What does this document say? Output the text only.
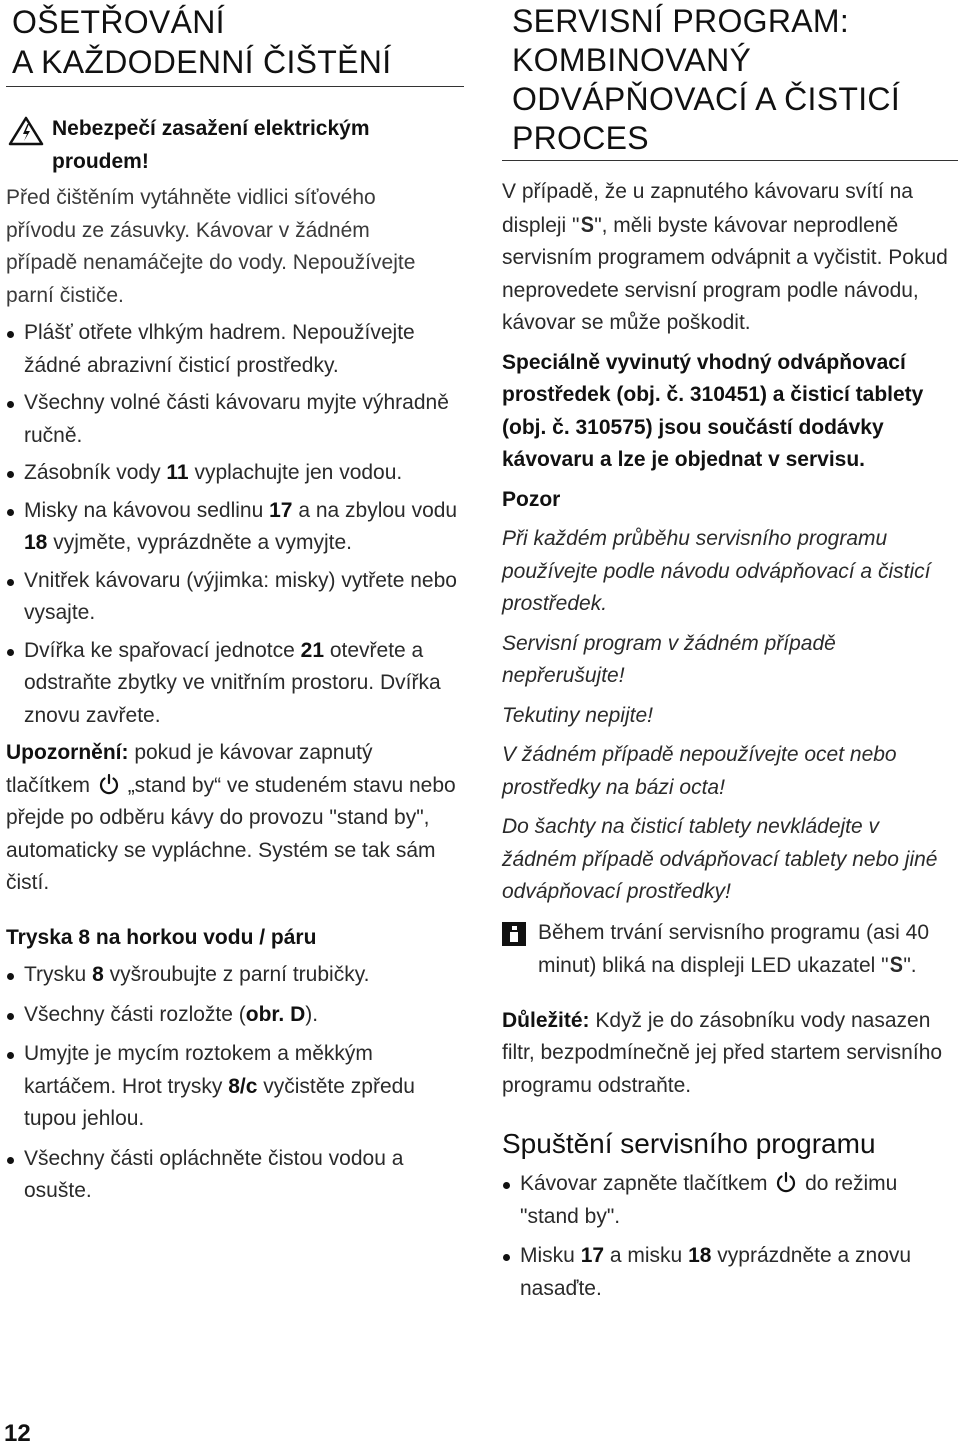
OŠETŘOVÁNÍ
A KAŽDODENNÍ ČIŠTĚNÍ
Nebezpečí zasažení elektrickým proudem!
Před čištěním vytáhněte vidlici síťového přívodu ze zásuvky. Kávovar v žádném případě nenamáčejte do vody. Nepoužívejte parní čističe.
Plášť otřete vlhkým hadrem. Nepoužívejte žádné abrazivní čisticí prostředky.
Všechny volné části kávovaru myjte výhradně ručně.
Zásobník vody 11 vyplachujte jen vodou.
Misky na kávovou sedlinu 17 a na zbylou vodu 18 vyjměte, vyprázdněte a vymyjte.
Vnitřek kávovaru (výjimka: misky) vytřete nebo vysajte.
Dvířka ke spařovací jednotce 21 otevřete a odstraňte zbytky ve vnitřním prostoru. Dvířka znovu zavřete.
Upozornění: pokud je kávovar zapnutý tlačítkem  „stand by“ ve studeném stavu nebo přejde po odběru kávy do provozu "stand by", automaticky se vypláchne. Systém se tak sám čistí.
Tryska 8 na horkou vodu / páru
Trysku 8 vyšroubujte z parní trubičky.
Všechny části rozložte (obr. D).
Umyjte je mycím roztokem a měkkým kartáčem. Hrot trysky 8/c vyčistěte zpředu tupou jehlou.
Všechny části opláchněte čistou vodou a osušte.
SERVISNÍ PROGRAM:
KOMBINOVANÝ
ODVÁPŇOVACÍ A ČISTICÍ
PROCES
V případě, že u zapnutého kávovaru svítí na displeji "S", měli byste kávovar neprodleně servisním programem odvápnit a vyčistit. Pokud neprovedete servisní program podle návodu, kávovar se může poškodit.
Speciálně vyvinutý vhodný odvápňovací prostředek (obj. č. 310451) a čisticí tablety (obj. č. 310575) jsou součástí dodávky kávovaru a lze je objednat v servisu.
Pozor
Při každém průběhu servisního programu používejte podle návodu odvápňovací a čisticí prostředek.
Servisní program v žádném případě nepřerušujte!
Tekutiny nepijte!
V žádném případě nepoužívejte ocet nebo prostředky na bázi octa!
Do šachty na čisticí tablety nevkládejte v žádném případě odvápňovací tablety nebo jiné odvápňovací prostředky!
Během trvání servisního programu (asi 40 minut) bliká na displeji LED ukazatel "S".
Důležité: Když je do zásobníku vody nasazen filtr, bezpodmínečně jej před startem servisního programu odstraňte.
Spuštění servisního programu
Kávovar zapněte tlačítkem  do režimu "stand by".
Misku 17 a misku 18 vyprázdněte a znovu nasaďte.
12
